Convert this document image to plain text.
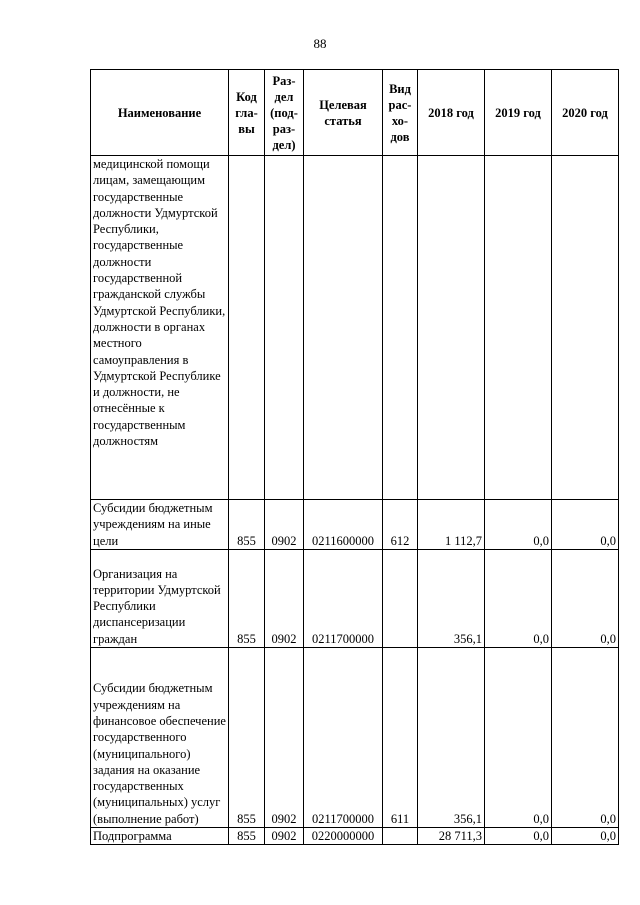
88
Наименование	Код гла-вы	Раз-дел (под-раз-дел)	Целевая статья	Вид рас-хо-дов	2018 год	2019 год	2020 год
медицинской помощи лицам, замещающим государственные должности Удмуртской Республики, государственные должности государственной гражданской службы Удмуртской Республики, должности в органах местного самоуправления в Удмуртской Республике и должности, не отнесённые к государственным должностям							
Субсидии бюджетным учреждениям на иные цели	855	0902	0211600000	612	1 112,7	0,0	0,0
Организация на территории Удмуртской Республики диспансеризации граждан	855	0902	0211700000		356,1	0,0	0,0
Субсидии бюджетным учреждениям на финансовое обеспечение государственного (муниципального) задания на оказание государственных (муниципальных) услуг (выполнение работ)	855	0902	0211700000	611	356,1	0,0	0,0
Подпрограмма	855	0902	0220000000		28 711,3	0,0	0,0
